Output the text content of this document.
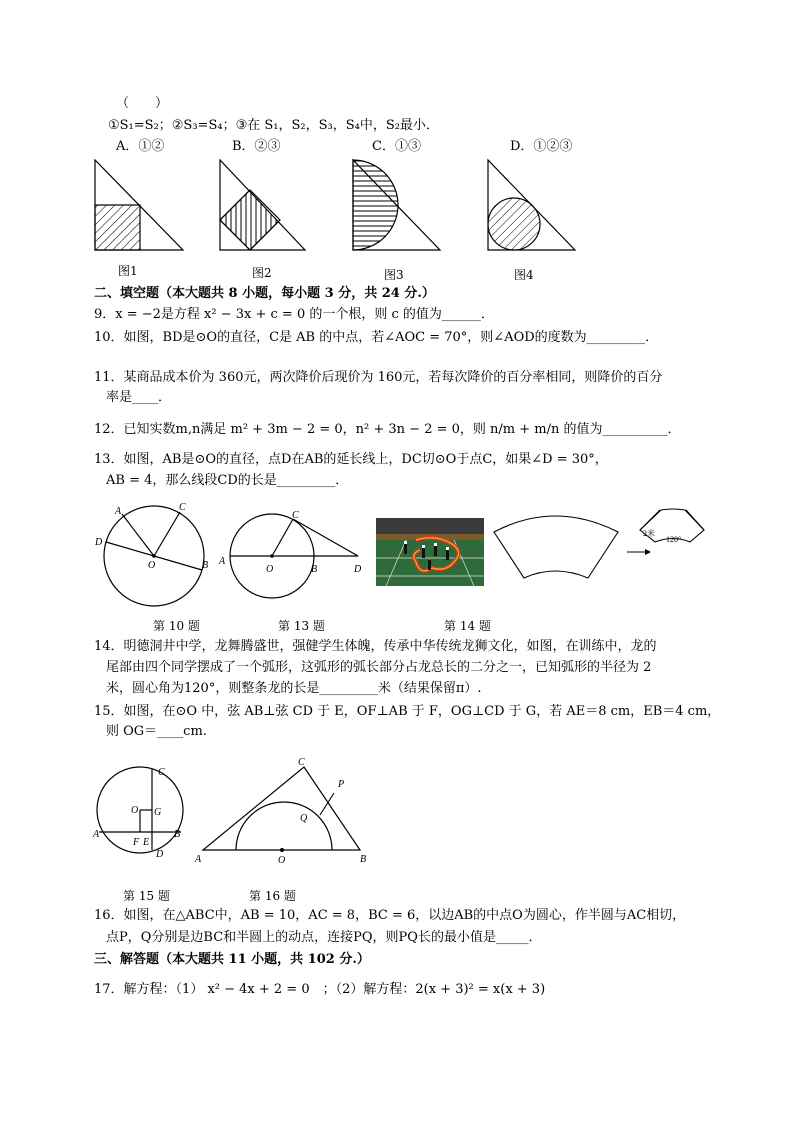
（　　）
①S₁=S₂；②S₃=S₄；③在 S₁，S₂，S₃，S₄中，S₂最小．
A．①②	B．②③	C．①③	D．①②③
图1	图2	图3	图4
二、填空题（本大题共 8 小题，每小题 3 分，共 24 分.）
9．x = −2是方程 x² − 3x + c = 0 的一个根，则 c 的值为______．
10．如图，BD是⊙O的直径，C是 AB 的中点，若∠AOC = 70°，则∠AOD的度数为_________．
11．某商品成本价为 360元，两次降价后现价为 160元，若每次降价的百分率相同，则降价的百分
率是____．
12．已知实数m,n满足 m² + 3m − 2 = 0，n² + 3n − 2 = 0，则 n/m + m/n 的值为__________．
13．如图，AB是⊙O的直径，点D在AB的延长线上，DC切⊙O于点C，如果∠D = 30°，
AB = 4，那么线段CD的长是_________．
A	C
D
O	B A
O	B	D
C
2米
120°
第 10 题	第 13 题	第 14 题
14．明德洞井中学，龙舞腾盛世，强健学生体魄，传承中华传统龙狮文化，如图，在训练中，龙的
尾部由四个同学摆成了一个弧形，这弧形的弧长部分占龙总长的二分之一，已知弧形的半径为 2
米，圆心角为120°，则整条龙的长是_________米（结果保留π）.
15．如图，在⊙O 中，弦 AB⊥弦 CD 于 E，OF⊥AB 于 F，OG⊥CD 于 G，若 AE＝8 cm，EB＝4 cm，
则 OG＝____cm.
C
O G
A
F E
B
D	A	O	B
C
P
Q
第 15 题	第 16 题
16．如图，在△ABC中，AB = 10，AC = 8，BC = 6，以边AB的中点O为圆心，作半圆与AC相切，
点P，Q分别是边BC和半圆上的动点，连接PQ，则PQ长的最小值是_____．
三、解答题（本大题共 11 小题，共 102 分.）
17．解方程：（1） x² − 4x + 2 = 0　；（2）解方程：2(x + 3)² = x(x + 3)
